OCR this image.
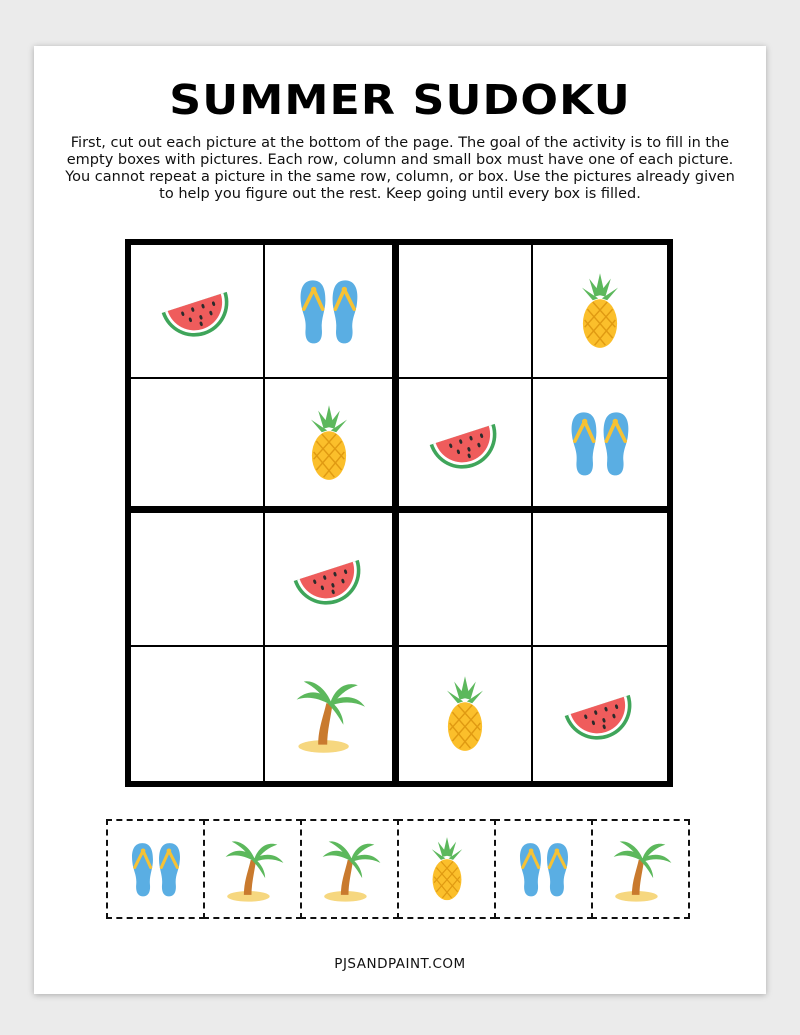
SUMMER SUDOKU
First, cut out each picture at the bottom of the page. The goal of the activity is to fill in the empty boxes with pictures. Each row, column and small box must have one of each picture. You cannot repeat a picture in the same row, column, or box. Use the pictures already given to help you figure out the rest. Keep going until every box is filled.
PJSANDPAINT.COM
